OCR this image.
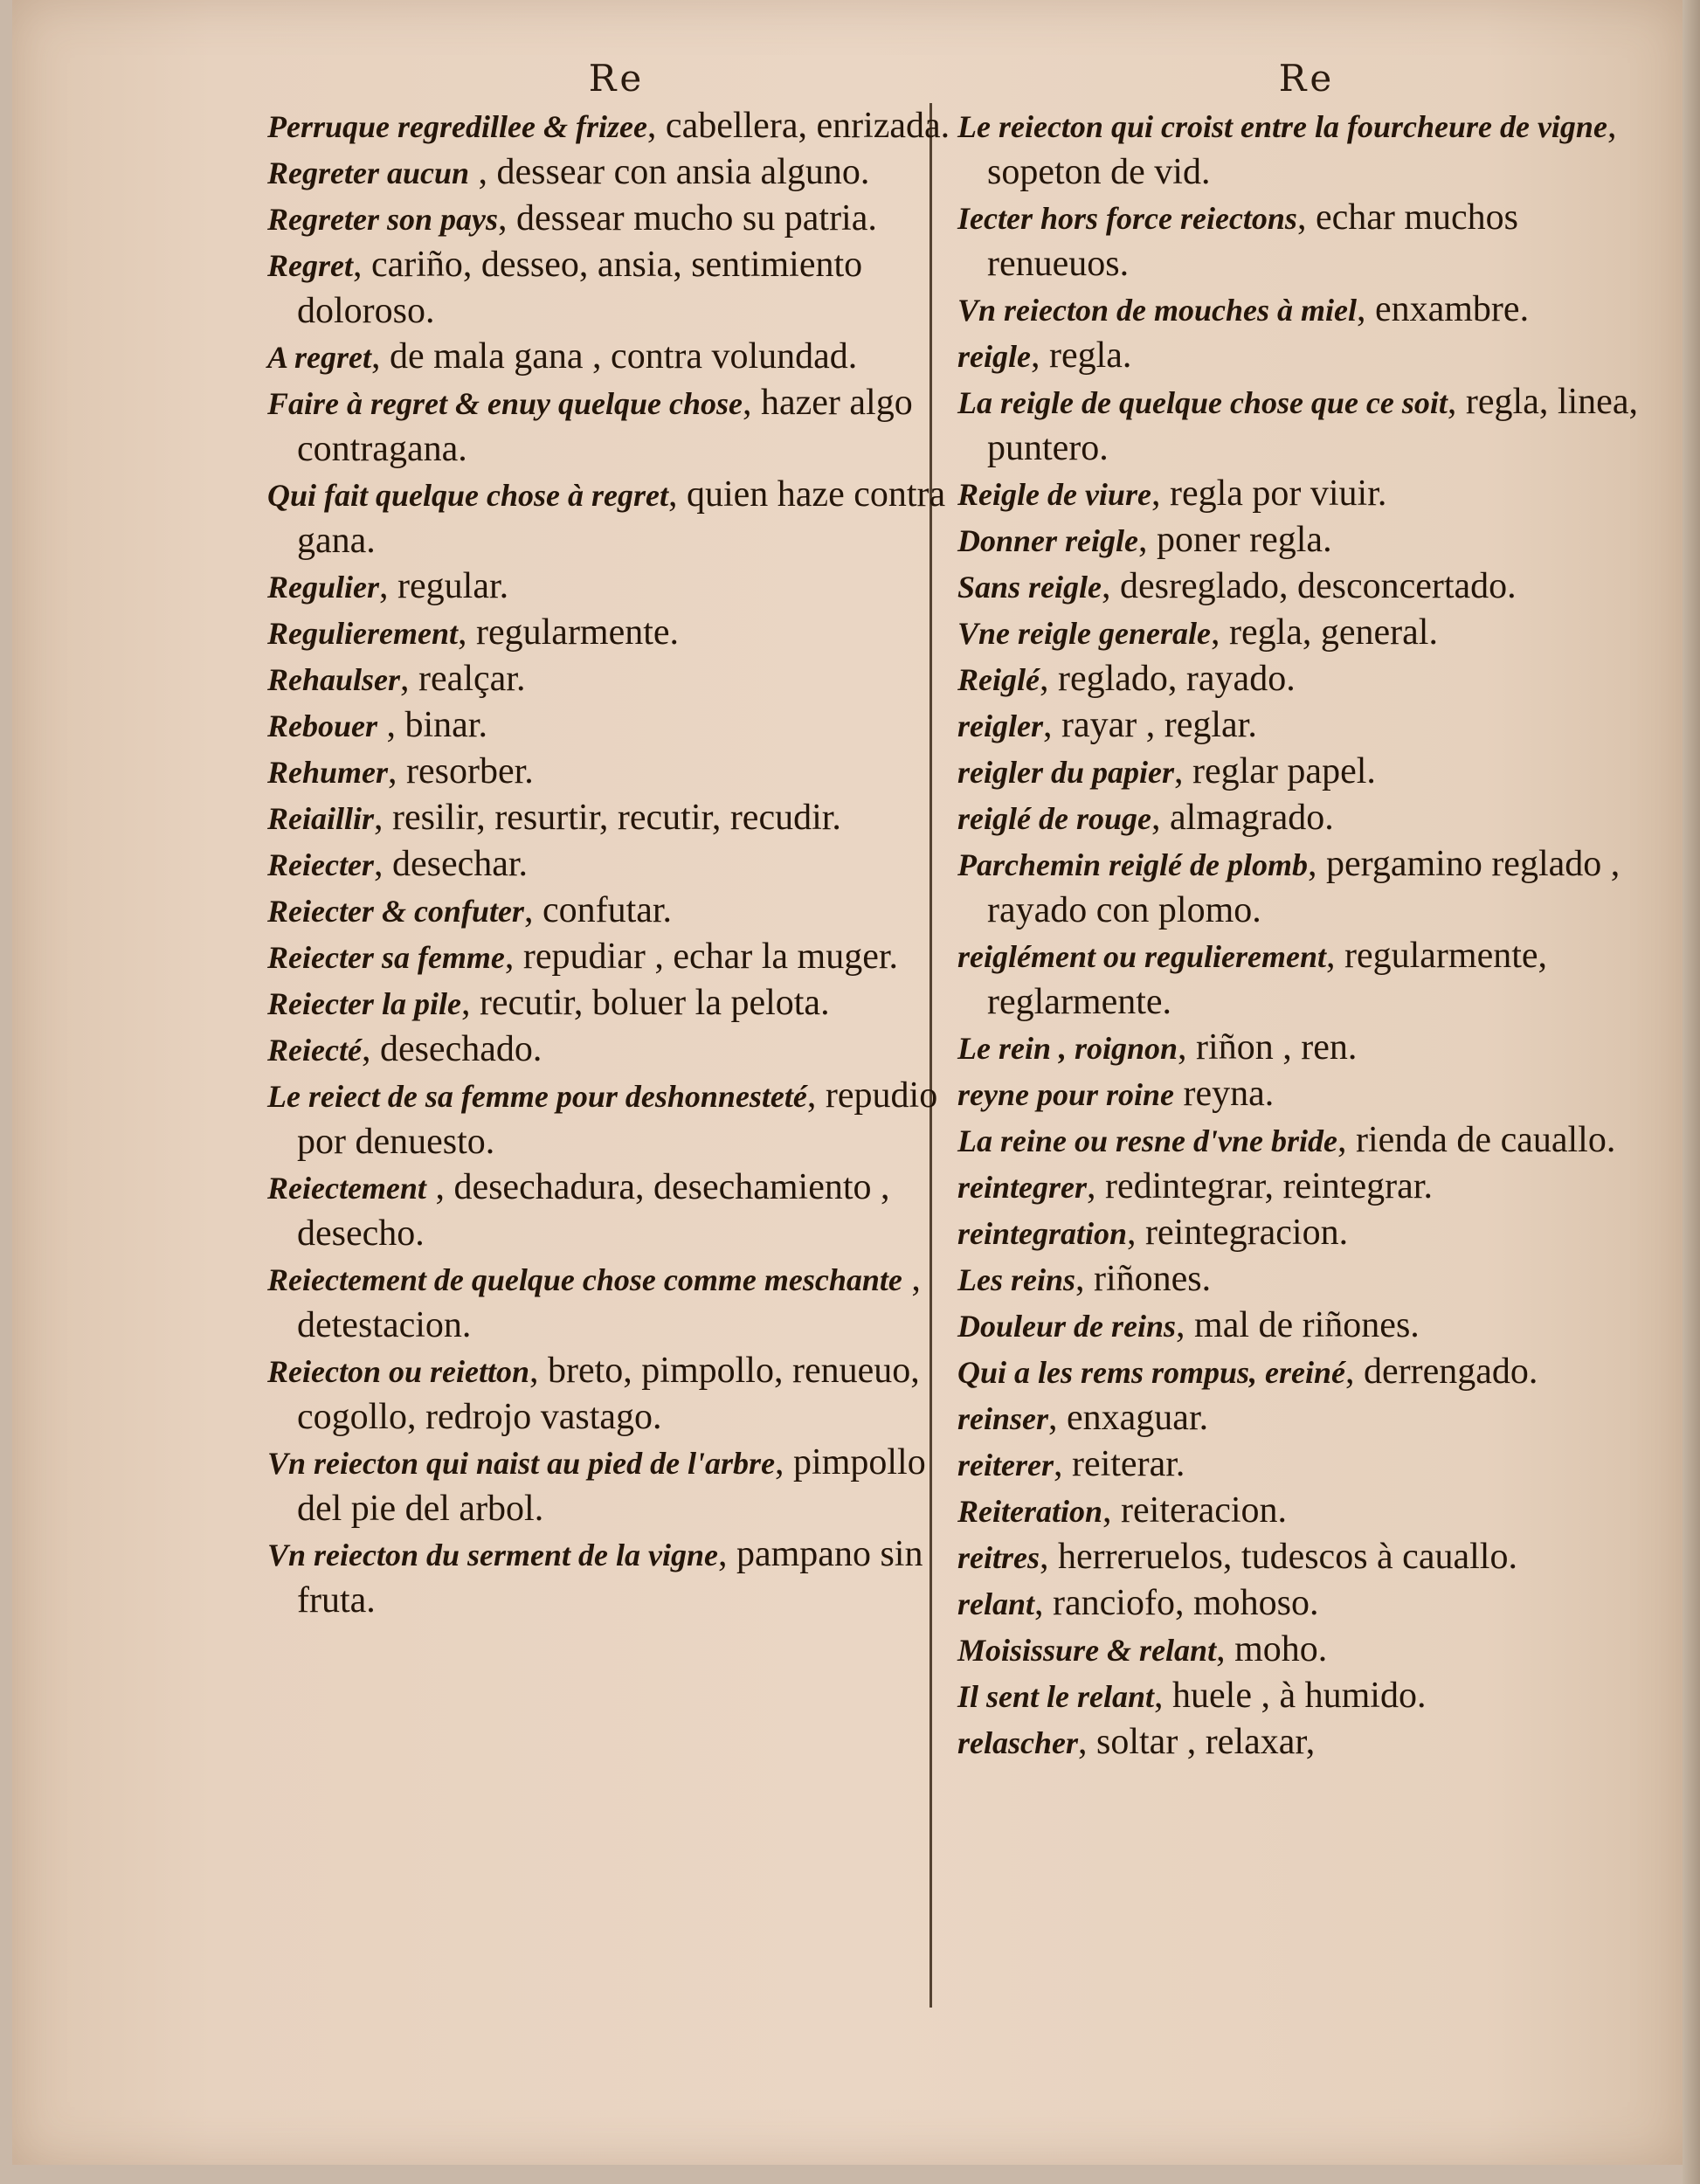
Re

Perruque regredillee & frizee, cabellera, enrizada.

Regreter aucun , dessear con ansia alguno.

Regreter son pays, dessear mucho su patria.

Regret, cariño, desseo, ansia, sentimiento doloroso.

A regret, de mala gana , contra volundad.

Faire à regret & enuy quelque chose, hazer algo contragana.

Qui fait quelque chose à regret, quien haze contra gana.

Regulier, regular.

Regulierement, regularmente.

Rehaulser, realçar.

Rebouer , binar.

Rehumer, resorber.

Reiaillir, resilir, resurtir, recutir, recudir.

Reiecter, desechar.

Reiecter & confuter, confutar.

Reiecter sa femme, repudiar , echar la muger.

Reiecter la pile, recutir, boluer la pelota.

Reiecté, desechado.

Le reiect de sa femme pour deshonnesteté, repudio por denuesto.

Reiectement , desechadura, desechamiento , desecho.

Reiectement de quelque chose comme meschante , detestacion.

Reiecton ou reietton, breto, pimpollo, renueuo, cogollo, redrojo vastago.

Vn reiecton qui naist au pied de l'arbre, pimpollo del pie del arbol.

Vn reiecton du serment de la vigne, pampano sin fruta.

Re

Le reiecton qui croist entre la fourcheure de vigne, sopeton de vid.

Iecter hors force reiectons, echar muchos renueuos.

Vn reiecton de mouches à miel, enxambre.

reigle, regla.

La reigle de quelque chose que ce soit, regla, linea, puntero.

Reigle de viure, regla por viuir.

Donner reigle, poner regla.

Sans reigle, desreglado, desconcertado.

Vne reigle generale, regla, general.

Reiglé, reglado, rayado.

reigler, rayar , reglar.

reigler du papier, reglar papel.

reiglé de rouge, almagrado.

Parchemin reiglé de plomb, pergamino reglado , rayado con plomo.

reiglément ou regulierement, regularmente, reglarmente.

Le rein , roignon, riñon , ren.

reyne pour roine reyna.

La reine ou resne d'vne bride, rienda de cauallo.

reintegrer, redintegrar, reintegrar.

reintegration, reintegracion.

Les reins, riñones.

Douleur de reins, mal de riñones.

Qui a les rems rompus, ereiné, derrengado.

reinser, enxaguar.

reiterer, reiterar.

Reiteration, reiteracion.

reitres, herreruelos, tudescos à cauallo.

relant, ranciofo, mohoso.

Moisissure & relant, moho.

Il sent le relant, huele , à humido.

relascher, soltar , relaxar,
